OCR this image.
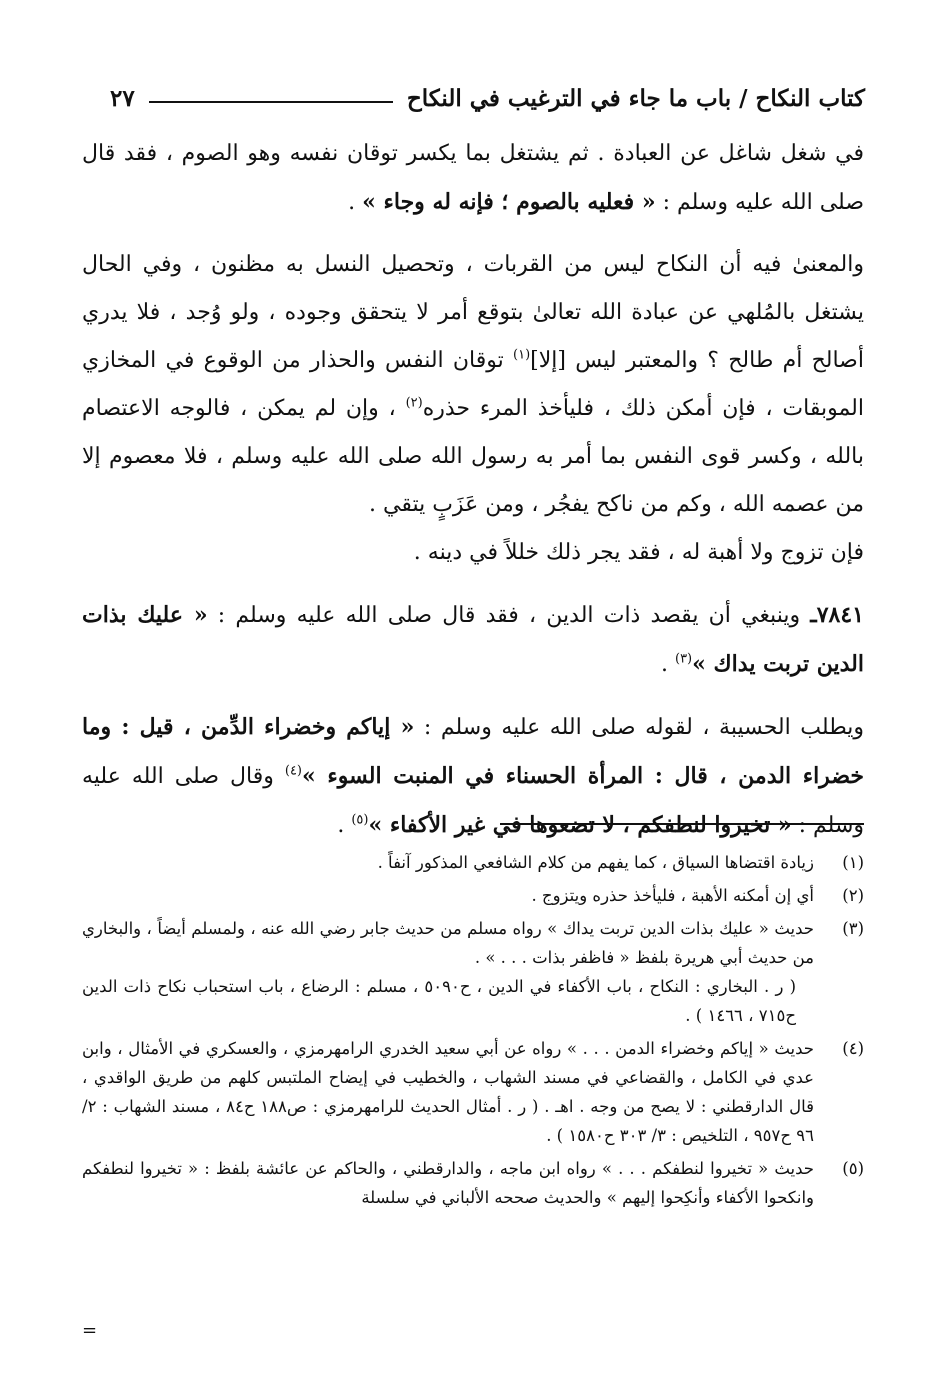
كتاب النكاح / باب ما جاء في الترغيب في النكاح
٢٧

في شغل شاغل عن العبادة . ثم يشتغل بما يكسر توقان نفسه وهو الصوم ، فقد قال صلى الله عليه وسلم : « فعليه بالصوم ؛ فإنه له وجاء » .

والمعنىٰ فيه أن النكاح ليس من القربات ، وتحصيل النسل به مظنون ، وفي الحال يشتغل بالمُلهي عن عبادة الله تعالىٰ بتوقع أمر لا يتحقق وجوده ، ولو وُجد ، فلا يدري أصالح أم طالح ؟ والمعتبر ليس [إلا]$^{(١)}$ توقان النفس والحذار من الوقوع في المخازي الموبقات ، فإن أمكن ذلك ، فليأخذ المرء حذره$^{(٢)}$ ، وإن لم يمكن ، فالوجه الاعتصام بالله ، وكسر قوى النفس بما أمر به رسول الله صلى الله عليه وسلم ، فلا معصوم إلا من عصمه الله ، وكم من ناكح يفجُر ، ومن عَزَبٍ يتقي .

فإن تزوج ولا أهبة له ، فقد يجر ذلك خللاً في دينه .

٧٨٤١ـ وينبغي أن يقصد ذات الدين ، فقد قال صلى الله عليه وسلم : « عليك بذات الدين تربت يداك »$^{(٣)}$ .

ويطلب الحسيبة ، لقوله صلى الله عليه وسلم : « إياكم وخضراء الدِّمن ، قيل : وما خضراء الدمن ، قال : المرأة الحسناء في المنبت السوء »$^{(٤)}$ وقال صلى الله عليه وسلم : « تخيروا لنطفكم ، لا تضعوها في غير الأكفاء »$^{(٥)}$ .

(١)

زيادة اقتضاها السياق ، كما يفهم من كلام الشافعي المذكور آنفاً .

(٢)

أي إن أمكنه الأهبة ، فليأخذ حذره ويتزوج .

(٣)

حديث « عليك بذات الدين تربت يداك » رواه مسلم من حديث جابر رضي الله عنه ، ولمسلم أيضاً ، والبخاري من حديث أبي هريرة بلفظ « فاظفر بذات . . . » .

( ر . البخاري : النكاح ، باب الأكفاء في الدين ، ح٥٠٩٠ ، مسلم : الرضاع ، باب استحباب نكاح ذات الدين ح٧١٥ ، ١٤٦٦ ) .

(٤)

حديث « إياكم وخضراء الدمن . . . » رواه عن أبي سعيد الخدري الرامهرمزي ، والعسكري في الأمثال ، وابن عدي في الكامل ، والقضاعي في مسند الشهاب ، والخطيب في إيضاح الملتبس كلهم من طريق الواقدي ، قال الدارقطني : لا يصح من وجه . اهـ . ( ر . أمثال الحديث للرامهرمزي : ص١٨٨ ح٨٤ ، مسند الشهاب : ٢/ ٩٦ ح٩٥٧ ، التلخيص : ٣/ ٣٠٣ ح١٥٨٠ ) .

(٥)

حديث « تخيروا لنطفكم . . . » رواه ابن ماجه ، والدارقطني ، والحاكم عن عائشة بلفظ : « تخيروا لنطفكم وانكحوا الأكفاء وأنكِحوا إليهم » والحديث صححه الألباني في سلسلة

=
